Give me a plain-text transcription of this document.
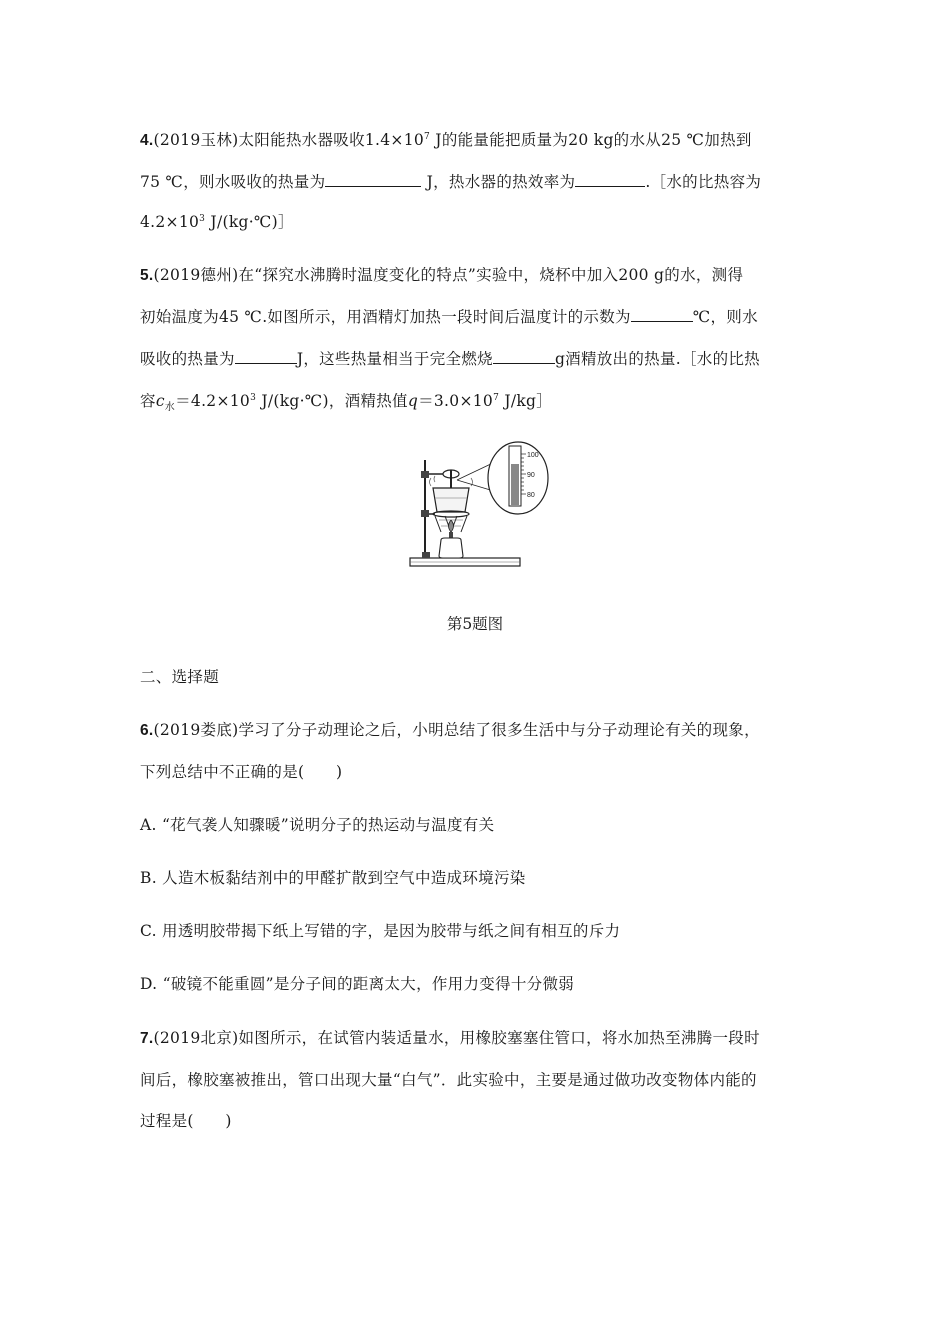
4.(2019玉林)太阳能热水器吸收$1.4\times 10^7$ J的能量能把质量为20 kg的水从25 ℃加热到
75 ℃，则水吸收的热量为	J，热水器的热效率为	.［水的比热容为
$4.2\times 10^3$ J/(kg·℃)］
5.(2019德州)在“探究水沸腾时温度变化的特点”实验中，烧杯中加入200 g的水，测得
初始温度为45 ℃.如图所示，用酒精灯加热一段时间后温度计的示数为	℃，则水
吸收的热量为	J，这些热量相当于完全燃烧	g酒精放出的热量.［水的比热
容$c_水=4.2\times 10^3$ J/(kg·℃)，酒精热值$q=3.0\times 10^7$ J/kg］
100
90
80
第5题图
二、选择题
6.(2019娄底)学习了分子动理论之后，小明总结了很多生活中与分子动理论有关的现象，
下列总结中不正确的是(　　)
A. “花气袭人知骤暖”说明分子的热运动与温度有关
B. 人造木板黏结剂中的甲醛扩散到空气中造成环境污染
C. 用透明胶带揭下纸上写错的字，是因为胶带与纸之间有相互的斥力
D. “破镜不能重圆”是分子间的距离太大，作用力变得十分微弱
7.(2019北京)如图所示，在试管内装适量水，用橡胶塞塞住管口，将水加热至沸腾一段时
间后，橡胶塞被推出，管口出现大量“白气”．此实验中，主要是通过做功改变物体内能的
过程是(　　)
